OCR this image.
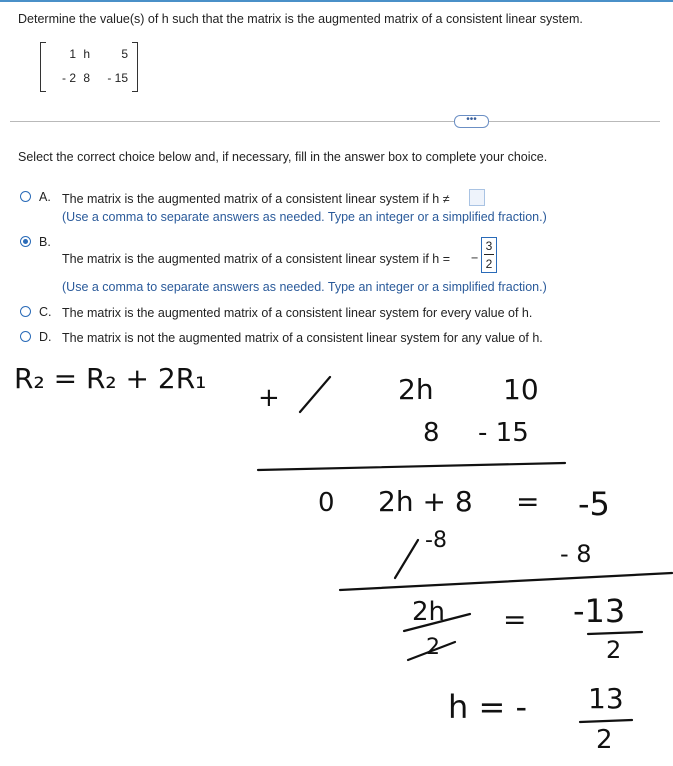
Determine the value(s) of h such that the matrix is the augmented matrix of a consistent linear system.
1 h	5
- 2 8	- 15
•••
Select the correct choice below and, if necessary, fill in the answer box to complete your choice.
A. The matrix is the augmented matrix of a consistent linear system if h ≠
(Use a comma to separate answers as needed. Type an integer or a simplified fraction.)
B.
The matrix is the augmented matrix of a consistent linear system if h = −
3
2
(Use a comma to separate answers as needed. Type an integer or a simplified fraction.)
C. The matrix is the augmented matrix of a consistent linear system for every value of h.
D. The matrix is not the augmented matrix of a consistent linear system for any value of h.
R₂ = R₂ + 2R₁
+	2h 10
8 - 15
0 2h + 8 = -5
-8	- 8
2h
2
= -13
2
h = - 13
2
